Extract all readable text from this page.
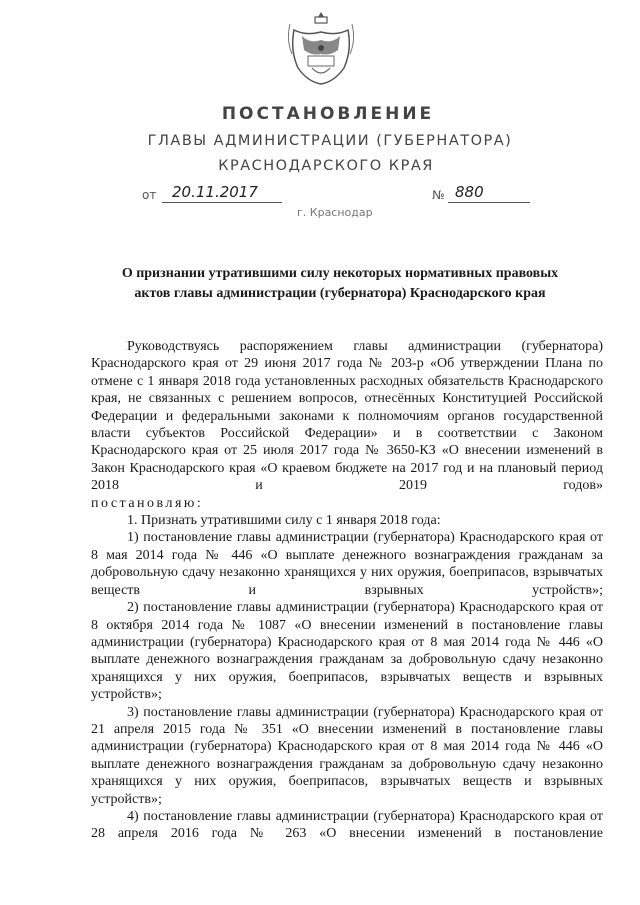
ПОСТАНОВЛЕНИЕ
ГЛАВЫ АДМИНИСТРАЦИИ (ГУБЕРНАТОРА)
КРАСНОДАРСКОГО КРАЯ
от 20.11.2017	№ 880
г. Краснодар
О признании утратившими силу некоторых нормативных правовых
актов главы администрации (губернатора) Краснодарского края

Руководствуясь распоряжением главы администрации (губернатора) Краснодарского края от 29 июня 2017 года № 203-р «Об утверждении Плана по отмене с 1 января 2018 года установленных расходных обязательств Краснодарского края, не связанных с решением вопросов, отнесённых Конституцией Российской Федерации и федеральными законами к полномочиям органов государственной власти субъектов Российской Федерации» и в соответствии с Законом Краснодарского края от 25 июля 2017 года № 3650-КЗ «О внесении изменений в Закон Краснодарского края «О краевом бюджете на 2017 год и на плановый период 2018 и 2019 годов»

постановляю:

1. Признать утратившими силу с 1 января 2018 года:

1) постановление главы администрации (губернатора) Краснодарского края от 8 мая 2014 года № 446 «О выплате денежного вознаграждения гражданам за добровольную сдачу незаконно хранящихся у них оружия, боеприпасов, взрывчатых веществ и взрывных устройств»;

2) постановление главы администрации (губернатора) Краснодарского края от 8 октября 2014 года № 1087 «О внесении изменений в постановление главы администрации (губернатора) Краснодарского края от 8 мая 2014 года № 446 «О выплате денежного вознаграждения гражданам за добровольную сдачу незаконно хранящихся у них оружия, боеприпасов, взрывчатых веществ и взрывных устройств»;

3) постановление главы администрации (губернатора) Краснодарского края от 21 апреля 2015 года № 351 «О внесении изменений в постановление главы администрации (губернатора) Краснодарского края от 8 мая 2014 года № 446 «О выплате денежного вознаграждения гражданам за добровольную сдачу незаконно хранящихся у них оружия, боеприпасов, взрывчатых веществ и взрывных устройств»;

4) постановление главы администрации (губернатора) Краснодарского края от 28 апреля 2016 года № 263 «О внесении изменений в постановление
